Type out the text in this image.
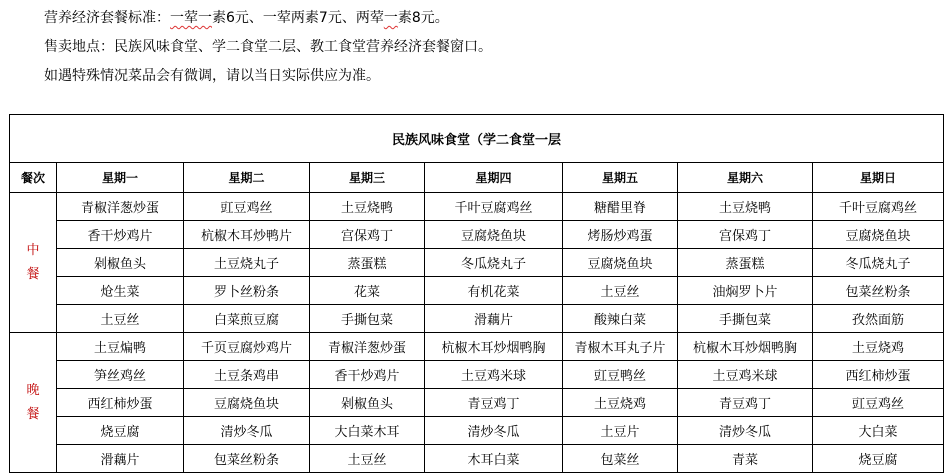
营养经济套餐标准：一荤一素6元、一荤两素7元、两荤一素8元。

售卖地点：民族风味食堂、学二食堂二层、教工食堂营养经济套餐窗口。

如遇特殊情况菜品会有微调，请以当日实际供应为准。

民族风味食堂（学二食堂一层							
餐次	星期一	星期二	星期三	星期四	星期五	星期六	星期日

中
餐	青椒洋葱炒蛋	豇豆鸡丝	土豆烧鸭	千叶豆腐鸡丝	糖醋里脊	土豆烧鸭	千叶豆腐鸡丝
	香干炒鸡片	杭椒木耳炒鸭片	宫保鸡丁	豆腐烧鱼块	烤肠炒鸡蛋	宫保鸡丁	豆腐烧鱼块
	剁椒鱼头	土豆烧丸子	蒸蛋糕	冬瓜烧丸子	豆腐烧鱼块	蒸蛋糕	冬瓜烧丸子
	炝生菜	罗卜丝粉条	花菜	有机花菜	土豆丝	油焖罗卜片	包菜丝粉条
	土豆丝	白菜煎豆腐	手撕包菜	滑藕片	酸辣白菜	手撕包菜	孜然面筋

晚
餐	土豆煸鸭	千页豆腐炒鸡片	青椒洋葱炒蛋	杭椒木耳炒烟鸭胸	青椒木耳丸子片	杭椒木耳炒烟鸭胸	土豆烧鸡
	笋丝鸡丝	土豆条鸡串	香干炒鸡片	土豆鸡米球	豇豆鸭丝	土豆鸡米球	西红柿炒蛋
	西红柿炒蛋	豆腐烧鱼块	剁椒鱼头	青豆鸡丁	土豆烧鸡	青豆鸡丁	豇豆鸡丝
	烧豆腐	清炒冬瓜	大白菜木耳	清炒冬瓜	土豆片	清炒冬瓜	大白菜
	滑藕片	包菜丝粉条	土豆丝	木耳白菜	包菜丝	青菜	烧豆腐
